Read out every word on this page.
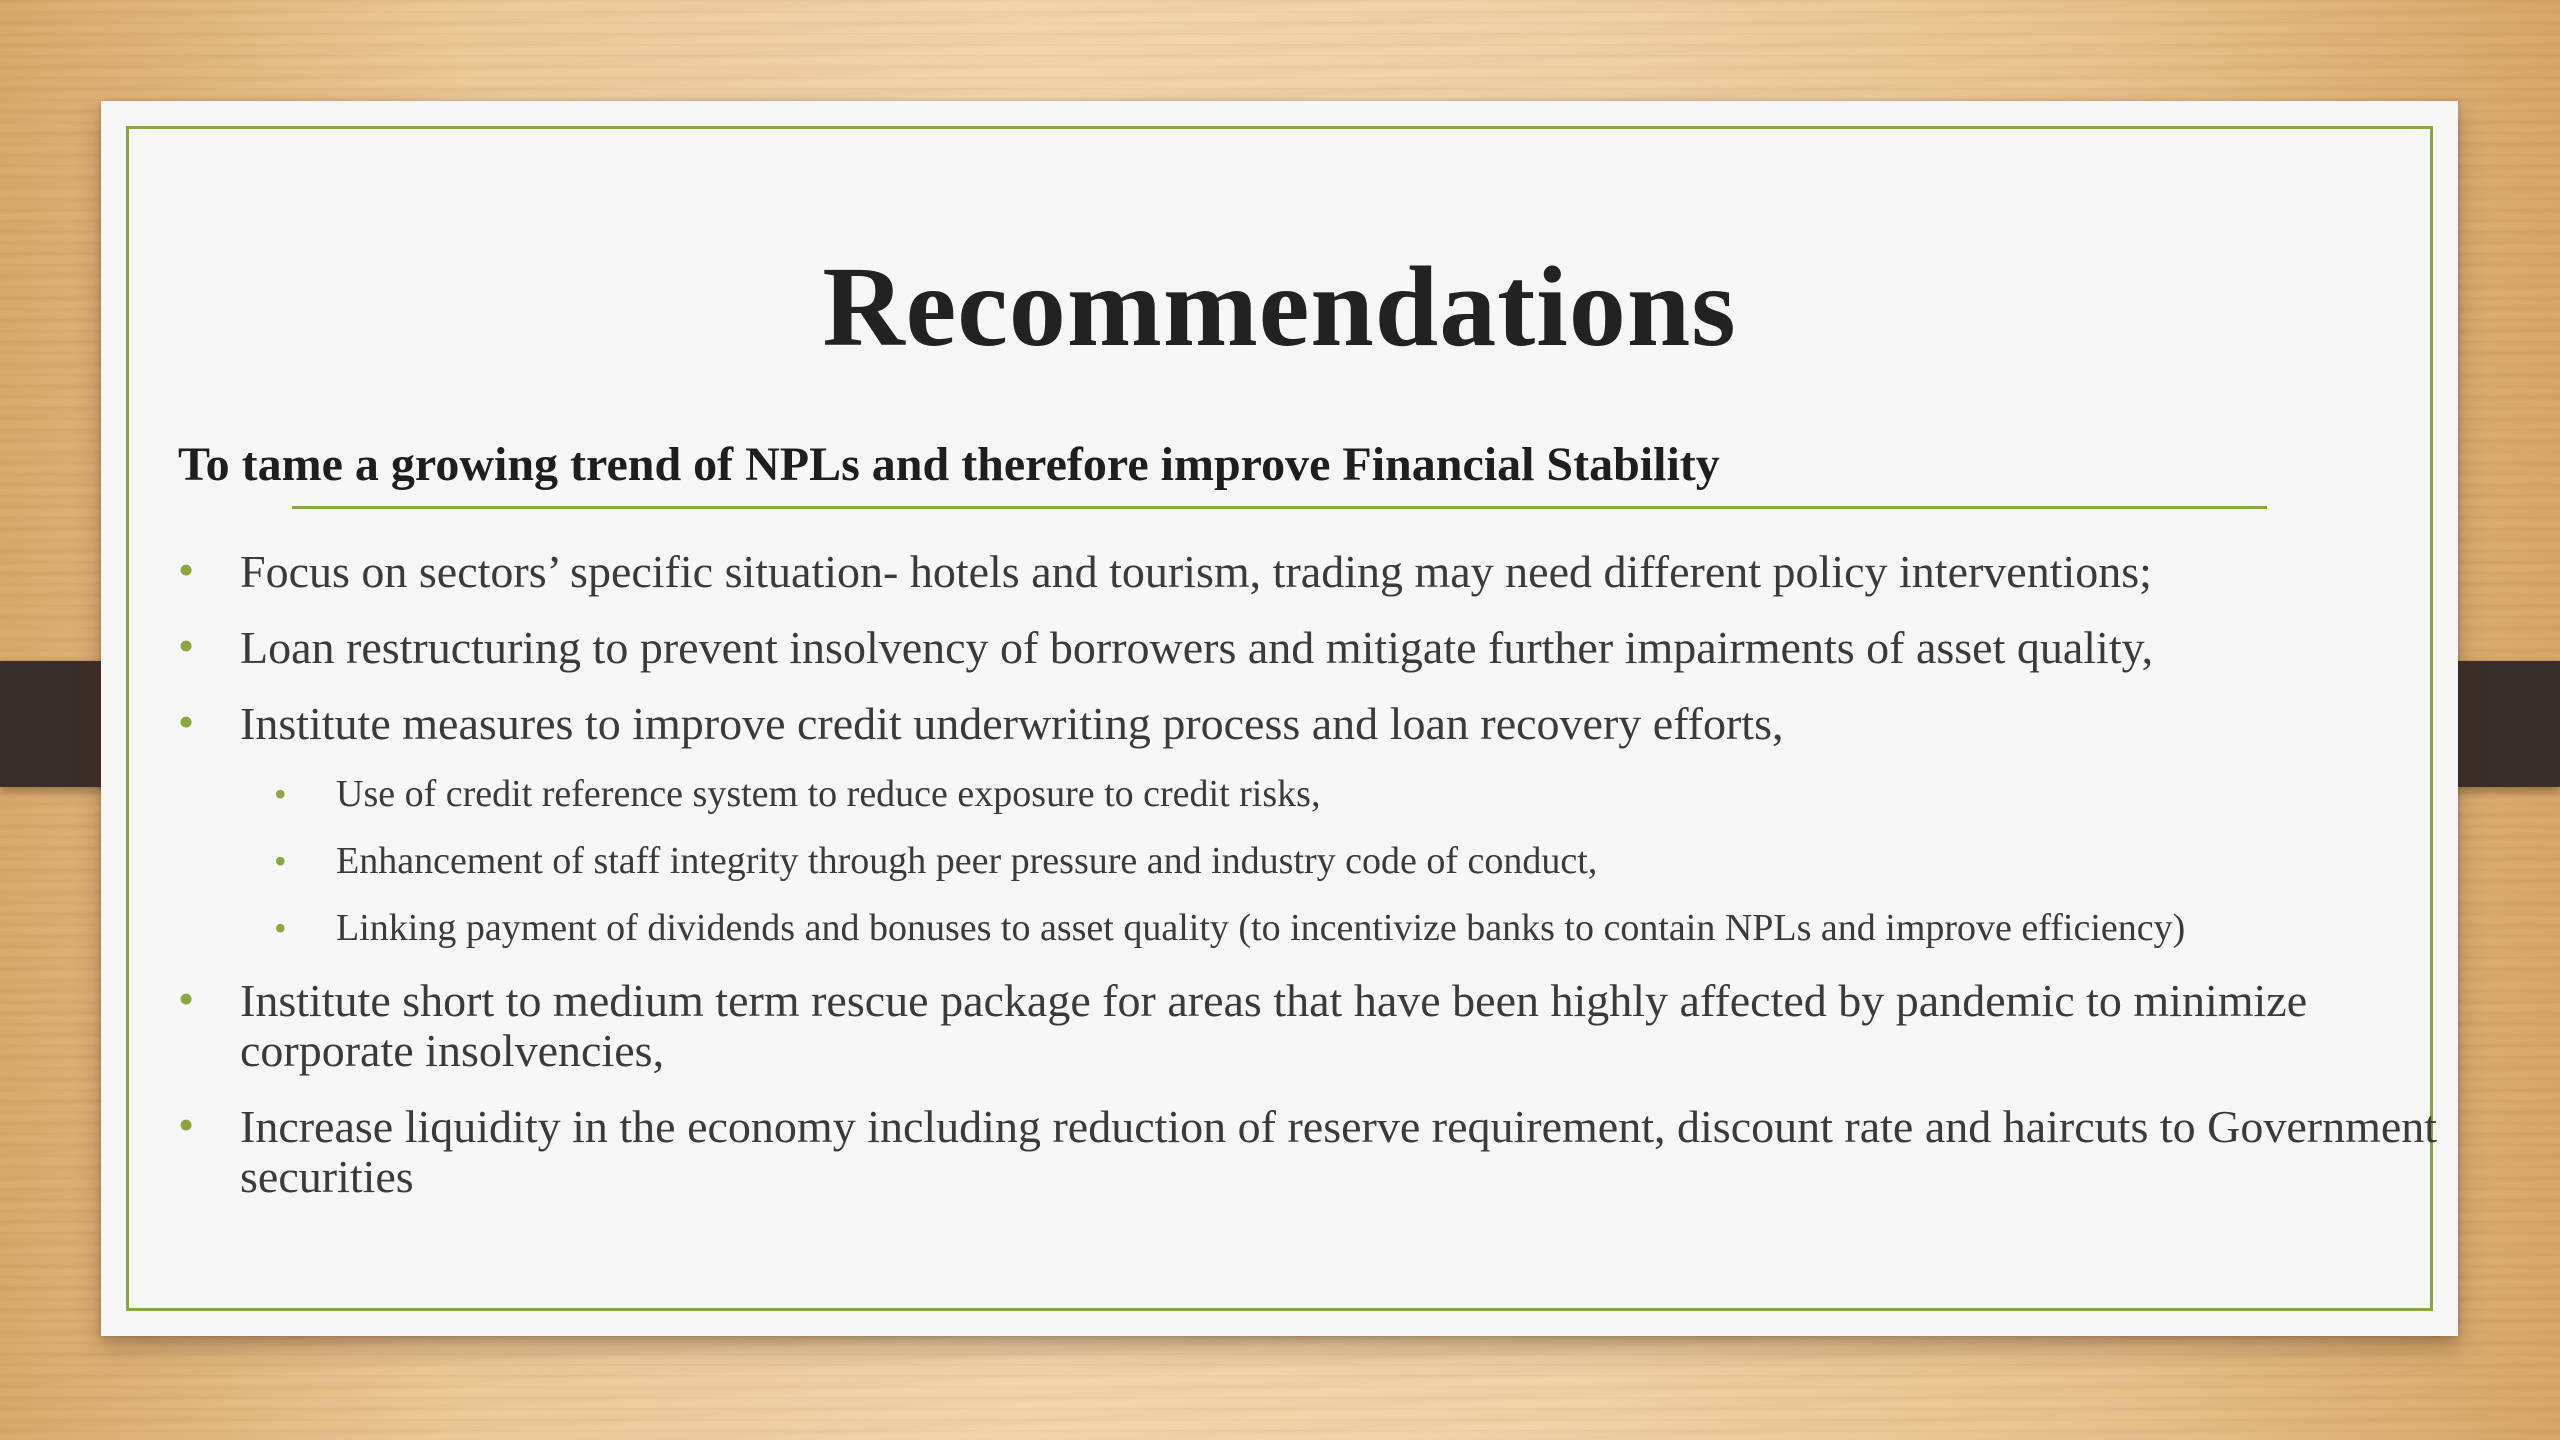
Recommendations
To tame a growing trend of NPLs and therefore improve Financial Stability
• Focus on sectors’ specific situation- hotels and tourism, trading may need different policy interventions;
• Loan restructuring to prevent insolvency of borrowers and mitigate further impairments of asset quality,
• Institute measures to improve credit underwriting process and loan recovery efforts,
• Use of credit reference system to reduce exposure to credit risks,
• Enhancement of staff integrity through peer pressure and industry code of conduct,
• Linking payment of dividends and bonuses to asset quality (to incentivize banks to contain NPLs and improve efficiency)
• Institute short to medium term rescue package for areas that have been highly affected by pandemic to minimize corporate insolvencies,
• Increase liquidity in the economy including reduction of reserve requirement, discount rate and haircuts to Government securities
